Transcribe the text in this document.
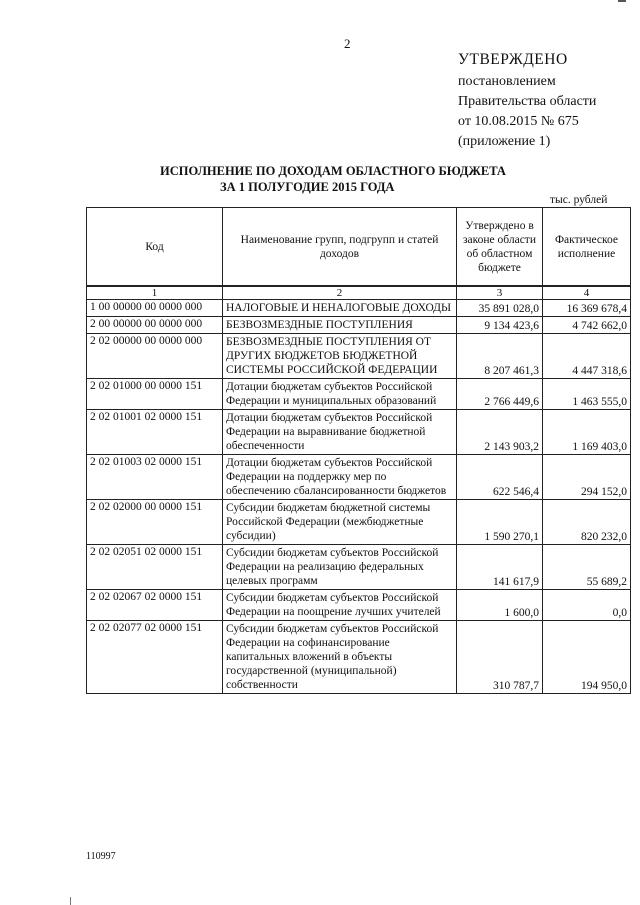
2
УТВЕРЖДЕНО
постановлением
Правительства области
от 10.08.2015 № 675
(приложение 1)
ИСПОЛНЕНИЕ ПО ДОХОДАМ ОБЛАСТНОГО БЮДЖЕТА
ЗА 1 ПОЛУГОДИЕ 2015 ГОДА
тыс. рублей
Код	Наименование групп, подгрупп и статей доходов	Утверждено в законе области об областном бюджете	Фактическое исполнение
1	2	3	4
1 00 00000 00 0000 000	НАЛОГОВЫЕ И НЕНАЛОГОВЫЕ ДОХОДЫ	35 891 028,0	16 369 678,4
2 00 00000 00 0000 000	БЕЗВОЗМЕЗДНЫЕ ПОСТУПЛЕНИЯ	9 134 423,6	4 742 662,0
2 02 00000 00 0000 000	БЕЗВОЗМЕЗДНЫЕ ПОСТУПЛЕНИЯ ОТ ДРУГИХ БЮДЖЕТОВ БЮДЖЕТНОЙ СИСТЕМЫ РОССИЙСКОЙ ФЕДЕРАЦИИ	8 207 461,3	4 447 318,6
2 02 01000 00 0000 151	Дотации бюджетам субъектов Российской Федерации и муниципальных образований	2 766 449,6	1 463 555,0
2 02 01001 02 0000 151	Дотации бюджетам субъектов Российской Федерации на выравнивание бюджетной обеспеченности	2 143 903,2	1 169 403,0
2 02 01003 02 0000 151	Дотации бюджетам субъектов Российской Федерации на поддержку мер по обеспечению сбалансированности бюджетов	622 546,4	294 152,0
2 02 02000 00 0000 151	Субсидии бюджетам бюджетной системы Российской Федерации (межбюджетные субсидии)	1 590 270,1	820 232,0
2 02 02051 02 0000 151	Субсидии бюджетам субъектов Российской Федерации на реализацию федеральных целевых программ	141 617,9	55 689,2
2 02 02067 02 0000 151	Субсидии бюджетам субъектов Российской Федерации на поощрение лучших учителей	1 600,0	0,0
2 02 02077 02 0000 151	Субсидии бюджетам субъектов Российской Федерации на софинансирование капитальных вложений в объекты государственной (муниципальной) собственности	310 787,7	194 950,0
110997
